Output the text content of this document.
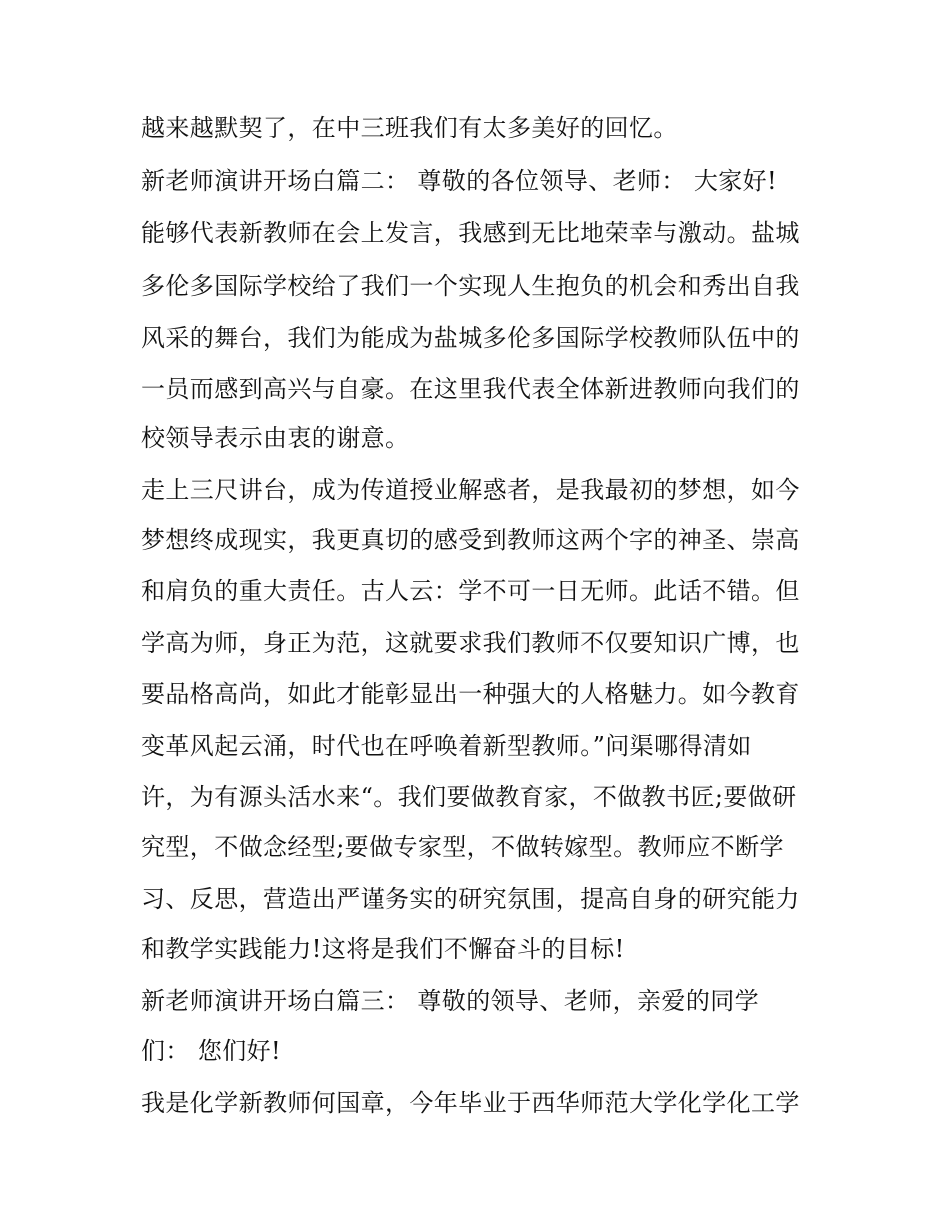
越来越默契了，在中三班我们有太多美好的回忆。
新老师演讲开场白篇二： 尊敬的各位领导、老师： 大家好!
能够代表新教师在会上发言，我感到无比地荣幸与激动。盐城
多伦多国际学校给了我们一个实现人生抱负的机会和秀出自我
风采的舞台，我们为能成为盐城多伦多国际学校教师队伍中的
一员而感到高兴与自豪。在这里我代表全体新进教师向我们的
校领导表示由衷的谢意。
走上三尺讲台，成为传道授业解惑者，是我最初的梦想，如今
梦想终成现实，我更真切的感受到教师这两个字的神圣、崇高
和肩负的重大责任。古人云：学不可一日无师。此话不错。但
学高为师，身正为范，这就要求我们教师不仅要知识广博，也
要品格高尚，如此才能彰显出一种强大的人格魅力。如今教育
变革风起云涌，时代也在呼唤着新型教师。”问渠哪得清如
许，为有源头活水来“。我们要做教育家，不做教书匠;要做研
究型，不做念经型;要做专家型，不做转嫁型。教师应不断学
习、反思，营造出严谨务实的研究氛围，提高自身的研究能力
和教学实践能力!这将是我们不懈奋斗的目标!
新老师演讲开场白篇三： 尊敬的领导、老师，亲爱的同学
们： 您们好!
我是化学新教师何国章，今年毕业于西华师范大学化学化工学
